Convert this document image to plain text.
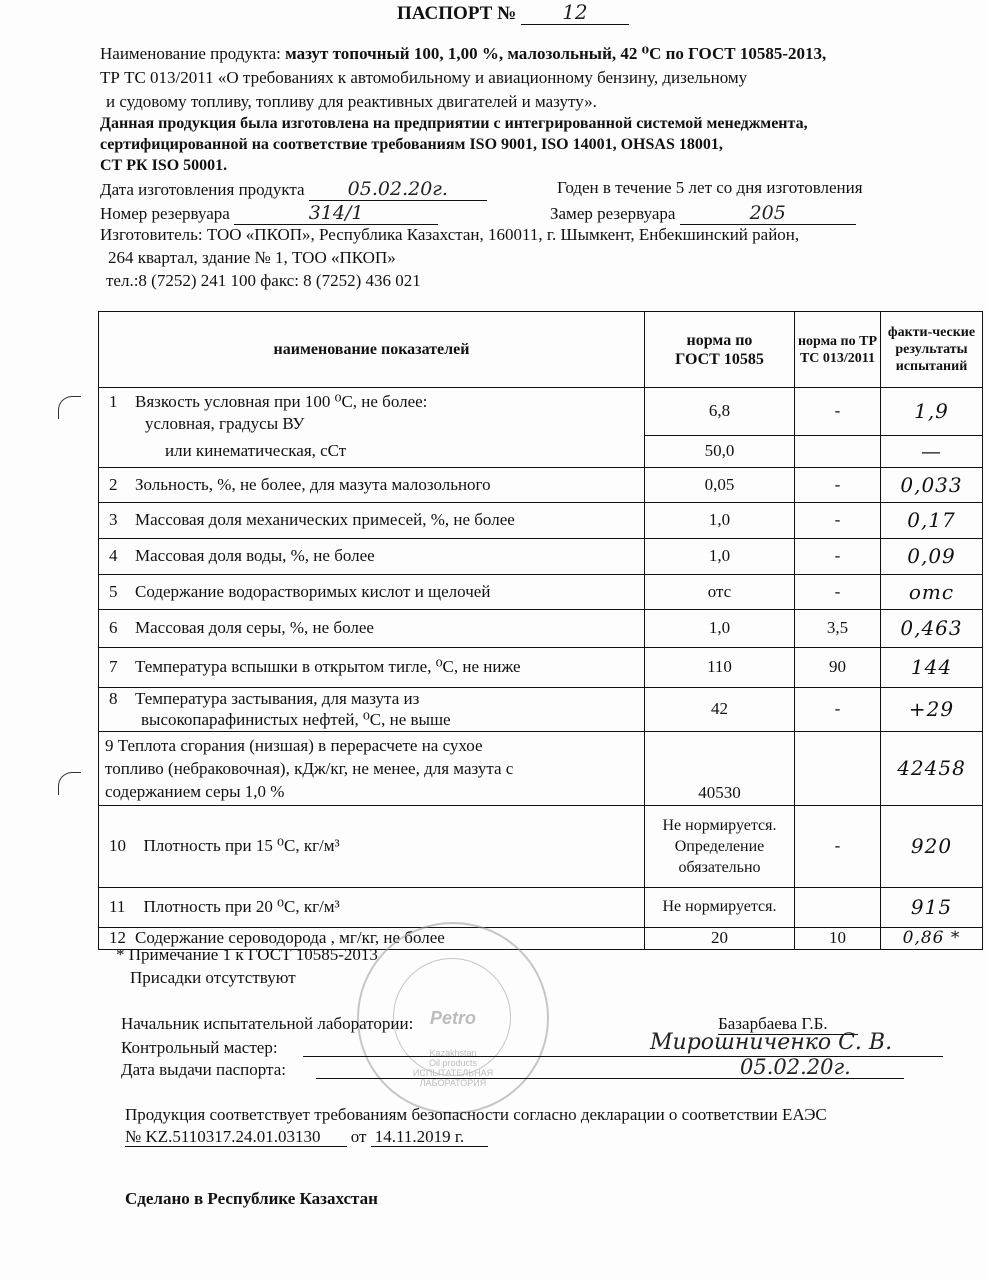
ПАСПОРТ № 12
Наименование продукта: мазут топочный 100, 1,00 %, малозольный, 42 ⁰С по ГОСТ 10585-2013,
ТР ТС 013/2011 «О требованиях к автомобильному и авиационному бензину, дизельному
и судовому топливу, топливу для реактивных двигателей и мазуту».
Данная продукция была изготовлена на предприятии с интегрированной системой менеджмента,
сертифицированной на соответствие требованиям ISO 9001, ISO 14001, OHSAS 18001,
СТ РК ISO 50001.
Дата изготовления продукта 05.02.20г.	Годен в течение 5 лет со дня изготовления
Номер резервуара	314/1	Замер резервуара	205
Изготовитель: ТОО «ПКОП», Республика Казахстан, 160011, г. Шымкент, Енбекшинский район,
264 квартал, здание № 1, ТОО «ПКОП»
тел.:8 (7252) 241 100 факс: 8 (7252) 436 021
наименование показателей	норма по ГОСТ 10585	норма по ТР ТС 013/2011	факти-ческие результаты испытаний
1 Вязкость условная при 100 ⁰С, не более:
условная, градусы ВУ	6,8	-	1,9
или кинематическая, сСт	50,0		—
2 Зольность, %, не более, для мазута малозольного	0,05	-	0,033
3 Массовая доля механических примесей, %, не более	1,0	-	0,17
4 Массовая доля воды, %, не более	1,0	-	0,09
5 Содержание водорастворимых кислот и щелочей	отс	-	отс
6 Массовая доля серы, %, не более	1,0	3,5	0,463
7 Температура вспышки в открытом тигле, ⁰С, не ниже	110	90	144
8 Температура застывания, для мазута из
высокопарафинистых нефтей, ⁰С, не выше	42	-	+29
9 Теплота сгорания (низшая) в перерасчете на сухое
топливо (небраковочная), кДж/кг, не менее, для мазута с
содержанием серы 1,0 %	40530		42458
10 Плотность при 15 ⁰С, кг/м³	Не нормируется. Определение обязательно	-	920
11 Плотность при 20 ⁰С, кг/м³	Не нормируется.		915
12 Содержание сероводорода , мг/кг, не более	20	10	0,86 *
* Примечание 1 к ГОСТ 10585-2013
Присадки отсутствуют
Petro
Kazakhstan
Oil products
ИСПЫТАТЕЛЬНАЯ ЛАБОРАТОРИЯ
Начальник испытательной лаборатории:	Базарбаева Г.Б.
Контрольный мастер:	Мирошниченко С. В.
Дата выдачи паспорта:	05.02.20г.
Продукция соответствует требованиям безопасности согласно декларации о соответствии ЕАЭС
№ KZ.5110317.24.01.03130 от 14.11.2019 г.
Сделано в Республике Казахстан
